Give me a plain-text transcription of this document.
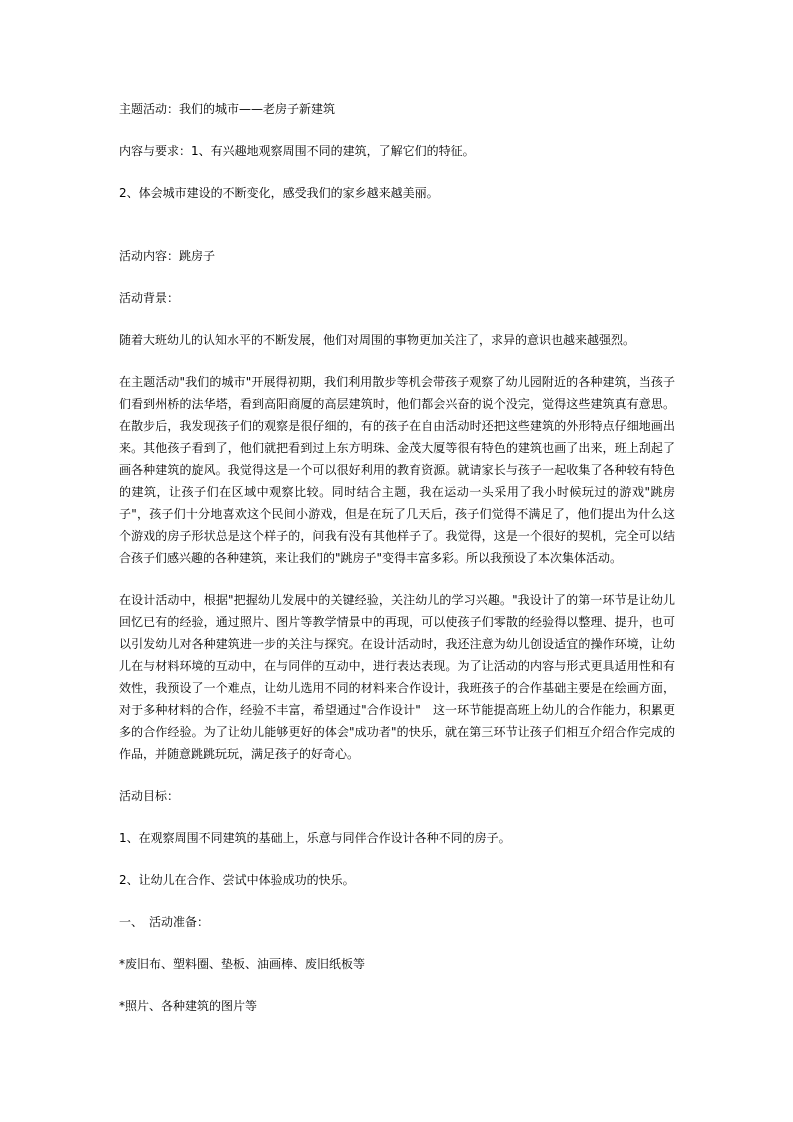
主题活动：我们的城市——老房子新建筑

内容与要求：1、有兴趣地观察周围不同的建筑，了解它们的特征。

2、体会城市建设的不断变化，感受我们的家乡越来越美丽。

活动内容：跳房子

活动背景：

随着大班幼儿的认知水平的不断发展，他们对周围的事物更加关注了，求异的意识也越来越强烈。

在主题活动"我们的城市"开展得初期，我们利用散步等机会带孩子观察了幼儿园附近的各种建筑，当孩子们看到州桥的法华塔，看到高阳商厦的高层建筑时，他们都会兴奋的说个没完，觉得这些建筑真有意思。在散步后，我发现孩子们的观察是很仔细的，有的孩子在自由活动时还把这些建筑的外形特点仔细地画出来。其他孩子看到了，他们就把看到过上东方明珠、金茂大厦等很有特色的建筑也画了出来，班上刮起了画各种建筑的旋风。我觉得这是一个可以很好利用的教育资源。就请家长与孩子一起收集了各种较有特色的建筑，让孩子们在区域中观察比较。同时结合主题，我在运动一头采用了我小时候玩过的游戏"跳房子"，孩子们十分地喜欢这个民间小游戏，但是在玩了几天后，孩子们觉得不满足了，他们提出为什么这个游戏的房子形状总是这个样子的，问我有没有其他样子了。我觉得，这是一个很好的契机，完全可以结合孩子们感兴趣的各种建筑，来让我们的"跳房子"变得丰富多彩。所以我预设了本次集体活动。

在设计活动中，根据"把握幼儿发展中的关键经验，关注幼儿的学习兴趣。"我设计了的第一环节是让幼儿回忆已有的经验，通过照片、图片等教学情景中的再现，可以使孩子们零散的经验得以整理、提升，也可以引发幼儿对各种建筑进一步的关注与探究。在设计活动时，我还注意为幼儿创设适宜的操作环境，让幼儿在与材料环境的互动中，在与同伴的互动中，进行表达表现。为了让活动的内容与形式更具适用性和有效性，我预设了一个难点，让幼儿选用不同的材料来合作设计，我班孩子的合作基础主要是在绘画方面，对于多种材料的合作，经验不丰富，希望通过"合作设计"　这一环节能提高班上幼儿的合作能力，积累更多的合作经验。为了让幼儿能够更好的体会"成功者"的快乐，就在第三环节让孩子们相互介绍合作完成的作品，并随意跳跳玩玩，满足孩子的好奇心。

活动目标：

1、在观察周围不同建筑的基础上，乐意与同伴合作设计各种不同的房子。

2、让幼儿在合作、尝试中体验成功的快乐。

一、　活动准备：

*废旧布、塑料圈、垫板、油画棒、废旧纸板等

*照片、各种建筑的图片等
